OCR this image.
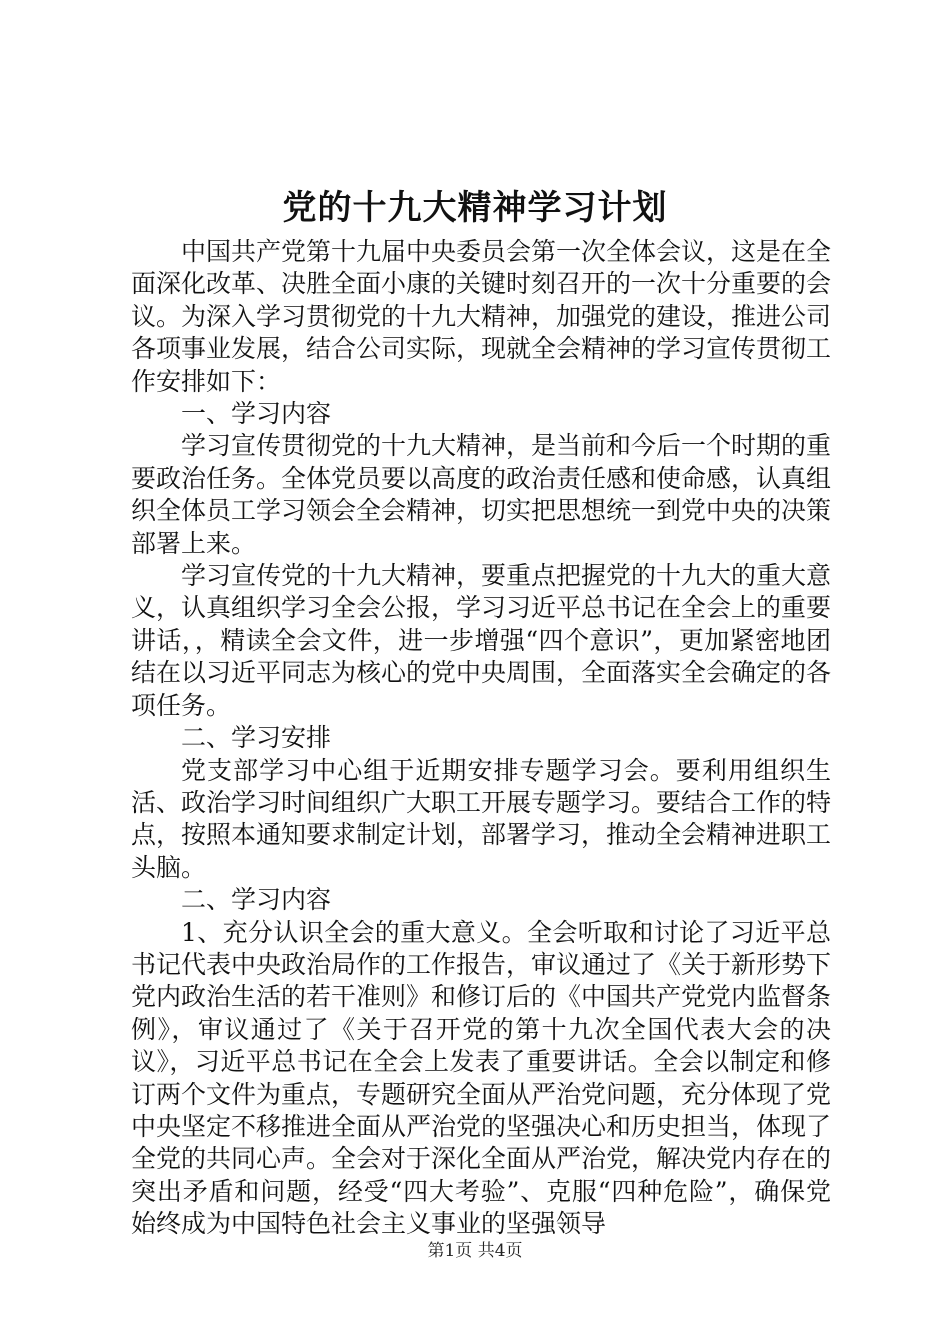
党的十九大精神学习计划

中国共产党第十九届中央委员会第一次全体会议，这是在全面深化改革、决胜全面小康的关键时刻召开的一次十分重要的会议。为深入学习贯彻党的十九大精神，加强党的建设，推进公司各项事业发展，结合公司实际，现就全会精神的学习宣传贯彻工作安排如下：

一、学习内容

学习宣传贯彻党的十九大精神，是当前和今后一个时期的重要政治任务。全体党员要以高度的政治责任感和使命感，认真组织全体员工学习领会全会精神，切实把思想统一到党中央的决策部署上来。

学习宣传党的十九大精神，要重点把握党的十九大的重大意义，认真组织学习全会公报，学习习近平总书记在全会上的重要讲话，，精读全会文件，进一步增强“四个意识”，更加紧密地团结在以习近平同志为核心的党中央周围，全面落实全会确定的各项任务。

二、学习安排

党支部学习中心组于近期安排专题学习会。要利用组织生活、政治学习时间组织广大职工开展专题学习。要结合工作的特点，按照本通知要求制定计划，部署学习，推动全会精神进职工头脑。

二、学习内容

1、充分认识全会的重大意义。全会听取和讨论了习近平总书记代表中央政治局作的工作报告，审议通过了《关于新形势下党内政治生活的若干准则》和修订后的《中国共产党党内监督条例》，审议通过了《关于召开党的第十九次全国代表大会的决议》，习近平总书记在全会上发表了重要讲话。全会以制定和修订两个文件为重点，专题研究全面从严治党问题，充分体现了党中央坚定不移推进全面从严治党的坚强决心和历史担当，体现了全党的共同心声。全会对于深化全面从严治党，解决党内存在的突出矛盾和问题，经受“四大考验”、克服“四种危险”，确保党始终成为中国特色社会主义事业的坚强领导

第1页 共4页
